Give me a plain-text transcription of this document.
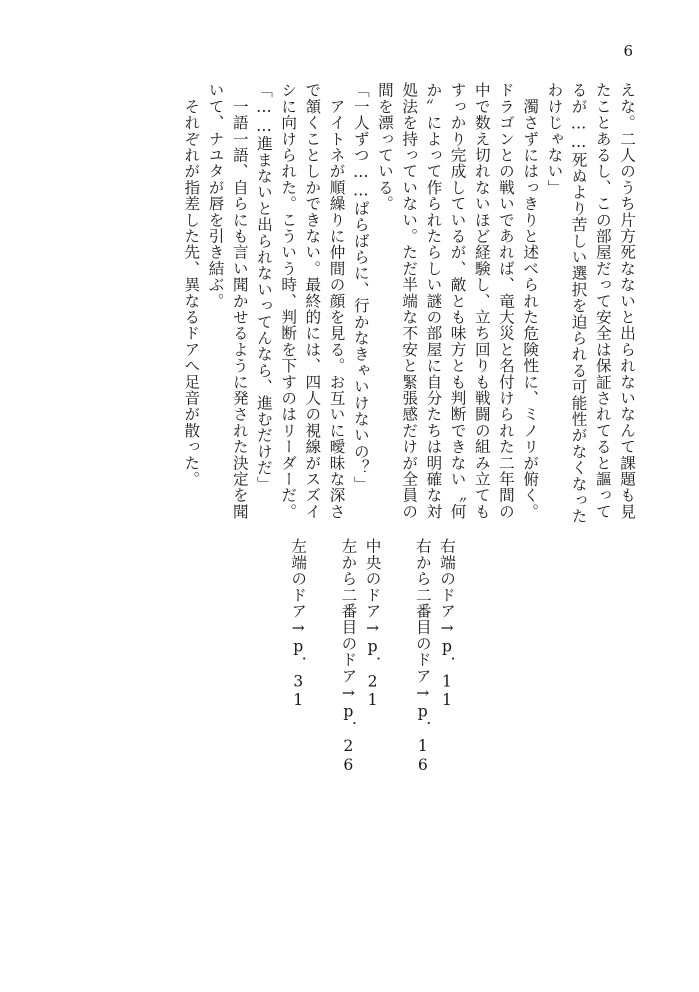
6
えな。二人のうち片方死なないと出られないなんて課題も見
たことあるし、この部屋だって安全は保証されてると謳って
るが……死ぬより苦しい選択を迫られる可能性がなくなった
わけじゃない」
　濁さずにはっきりと述べられた危険性に、ミノリが俯く。
ドラゴンとの戦いであれば、竜大災と名付けられた二年間の
中で数え切れないほど経験し、立ち回りも戦闘の組み立ても
すっかり完成しているが、敵とも味方とも判断できない〝何
か〟によって作られたらしい謎の部屋に自分たちは明確な対
処法を持っていない。ただ半端な不安と緊張感だけが全員の
間を漂っている。
「一人ずつ……ばらばらに、行かなきゃいけないの？」
　アイトネが順繰りに仲間の顔を見る。お互いに曖昧な深さ
で頷くことしかできない。最終的には、四人の視線がスズイ
シに向けられた。こういう時、判断を下すのはリーダーだ。
「……進まないと出られないってんなら、進むだけだ」
　一語一語、自らにも言い聞かせるように発された決定を聞
いて、ナユタが唇を引き結ぶ。
　それぞれが指差した先、異なるドアへ足音が散った。
右端のドア→p．11
右から二番目のドア→p．16
中央のドア→p．21
左から二番目のドア→p．26
左端のドア→p．31
